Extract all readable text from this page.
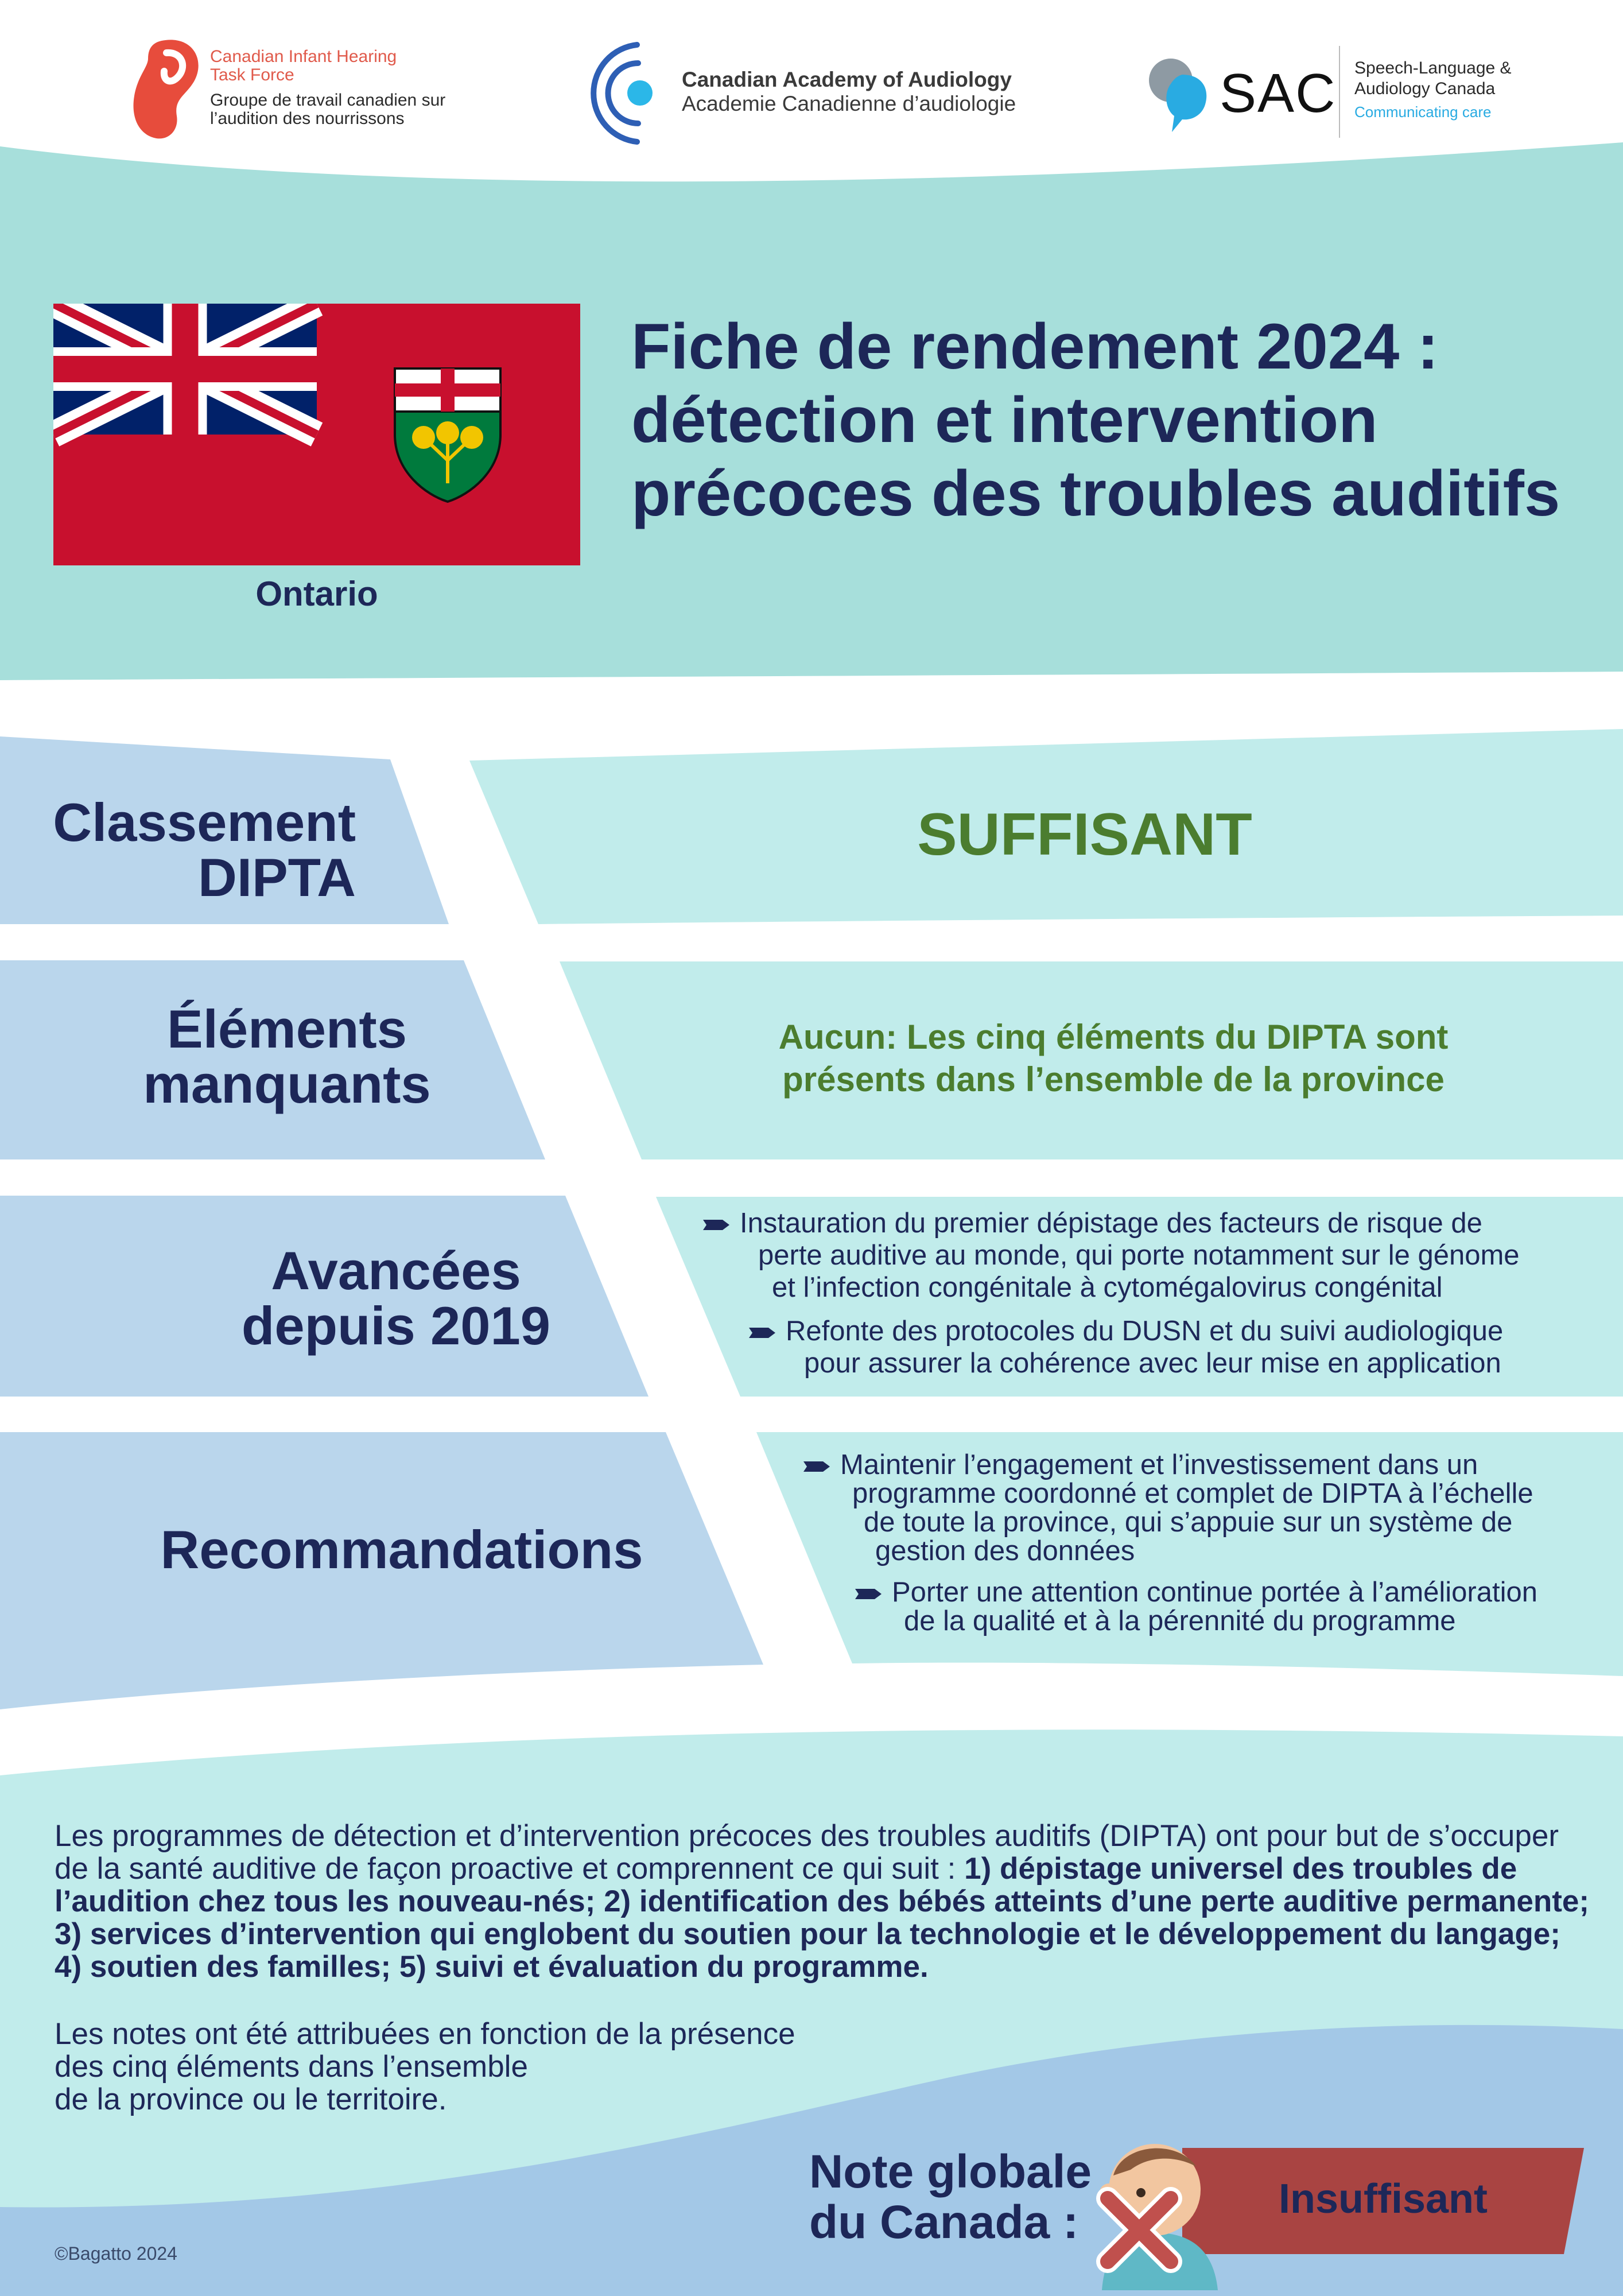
Canadian Infant Hearing
Task Force
Groupe de travail canadien sur
l’audition des nourrissons
Canadian Academy of Audiology
Academie Canadienne d’audiologie	SAC Speech-Language &
Audiology Canada
Communicating care
Ontario
Fiche de rendement 2024 :
détection et intervention
précoces des troubles auditifs
Classement
DIPTA
SUFFISANT
Éléments
manquants
Aucun: Les cinq éléments du DIPTA sont
présents dans l’ensemble de la province
Avancées
depuis 2019
Instauration du premier dépistage des facteurs de risque de
perte auditive au monde, qui porte notamment sur le génome
et l’infection congénitale à cytomégalovirus congénital
Refonte des protocoles du DUSN et du suivi audiologique
pour assurer la cohérence avec leur mise en application
Recommandations
Maintenir l’engagement et l’investissement dans un
programme coordonné et complet de DIPTA à l’échelle
de toute la province, qui s’appuie sur un système de
gestion des données
Porter une attention continue portée à l’amélioration
de la qualité et à la pérennité du programme
Les programmes de détection et d’intervention précoces des troubles auditifs (DIPTA) ont pour but de s’occuper de la santé auditive de façon proactive et comprennent ce qui suit : 1) dépistage universel des troubles de l’audition chez tous les nouveau-nés; 2) identification des bébés atteints d’une perte auditive permanente; 3) services d’intervention qui englobent du soutien pour la technologie et le développement du langage; 4) soutien des familles; 5) suivi et évaluation du programme.
Les notes ont été attribuées en fonction de la présence
des cinq éléments dans l’ensemble
de la province ou le territoire.
Note globale
du Canada :	Insuffisant
©Bagatto 2024
